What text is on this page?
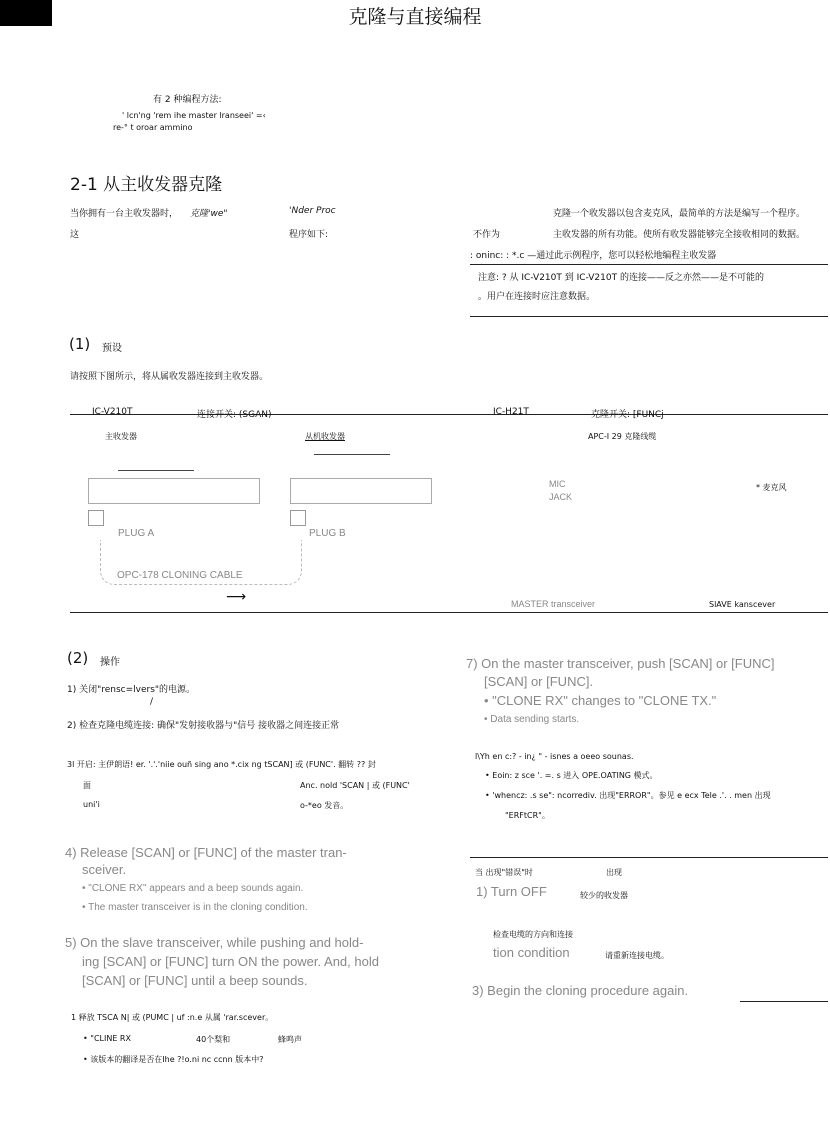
克隆与直接编程
有 2 种编程方法:
' lcn'ng 'rem ihe master lranseei' =‹
re-° t oroar ammino
2-1 从主收发器克隆
当你拥有一台主收发器时， 克隆'we"	'Nder Proc	克隆一个收发器以包含麦克风，最简单的方法是编写一个程序。
这	程序如下:	不作为	主收发器的所有功能。使所有收发器能够完全接收相同的数据。
: oninc: : *.c —通过此示例程序，您可以轻松地编程主收发器
注意: ? 从 IC-V210T 到 IC-V210T 的连接——反之亦然——是不可能的
。用户在连接时应注意数据。
(1) 预设
请按照下图所示，将从属收发器连接到主收发器。
IC-V210T	连接开关: (SGAN)	IC-H21T	克隆开关: [FUNCj
主收发器	从机收发器	APC-I 29 克隆线缆
PLUG A	PLUG B
OPC-178 CLONING CABLE
⟶
MIC
JACK
* 麦克风
MASTER transceiver	SlAVE kanscever
(2) 操作
1) 关闭"rensc=lvers"的电源。
/
2) 检查克隆电缆连接: 确保"发射接收器与"信号 接收器之间连接正常
3l 开启: 主伊朗语! er. '.'.'niie ouñ sing ano *.cix ng tSCAN] 或 (FUNC'. 翻转 ?? 封
面	Anc. nold 'SCAN | 或 (FUNC'
uni'i	o-*eo 发音。
4) Release [SCAN] or [FUNC] of the master tran-
sceiver.
• "CLONE RX" appears and a beep sounds again.
• The master transceiver is in the cloning condition.
5) On the slave transceiver, while pushing and hold-
ing [SCAN] or [FUNC] turn ON the power. And, hold
[SCAN] or [FUNC] until a beep sounds.
1 释放 TSCA N| 或 (PUMC | uf :n.e 从属 'rar.scever。
• "CLINE RX	40个梨和	蜂鸣声
• 该版本的翻译是否在Ihe ?!o.ni nc ccnn 版本中?
7) On the master transceiver, push [SCAN] or [FUNC]
[SCAN] or [FUNC].
• "CLONE RX" changes to "CLONE TX."
• Data sending starts.
l\Yh en c:? - in¿ " - isnes a oeeo sounas.
• Eoin: z sce '. =. s 进入 OPE.OATING 模式。
• 'whencz: .s se": ncorrediv. 出现"ERROR"。参见 e ecx Tele .'. . men 出现
"ERFtCR"。
当 出现"错误"时	出现
1) Turn OFF	较少的收发器
检查电缆的方向和连接
tion condition	请重新连接电缆。
3) Begin the cloning procedure again.
